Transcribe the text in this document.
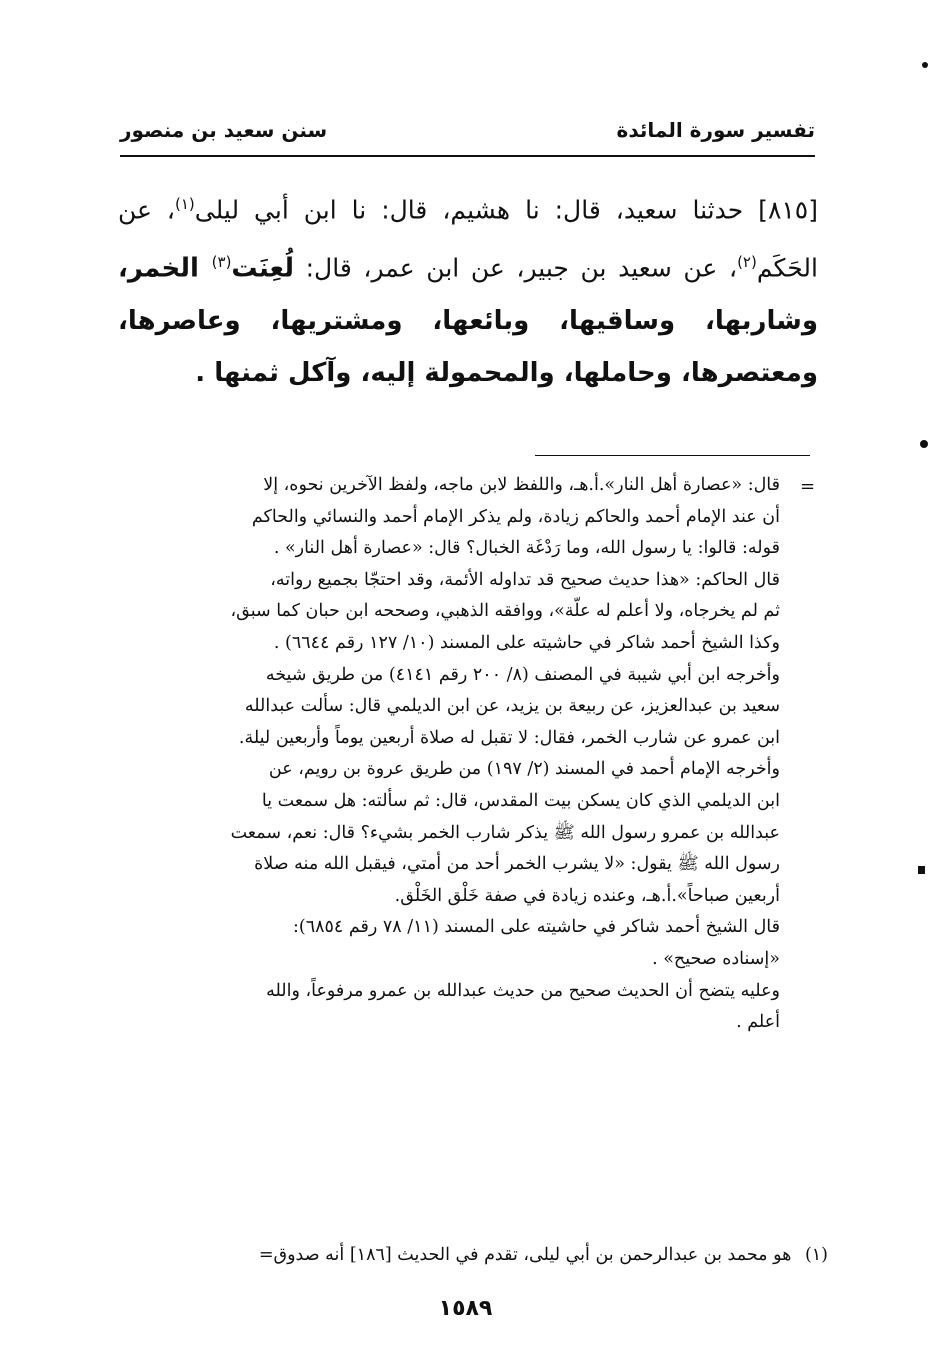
تفسير سورة المائدة
سنن سعيد بن منصور
[٨١٥] حدثنا سعيد، قال: نا هشيم، قال: نا ابن أبي ليلى$^{(١)}$، عن الحَكَم$^{(٢)}$، عن سعيد بن جبير، عن ابن عمر، قال: لُعِنَت$^{(٣)}$ الخمر، وشاربها، وساقيها، وبائعها، ومشتريها، وعاصرها، ومعتصرها، وحاملها، والمحمولة إليه، وآكل ثمنها .
=
قال: «عصارة أهل النار».أ.هـ، واللفظ لابن ماجه، ولفظ الآخرين نحوه، إلا
أن عند الإمام أحمد والحاكم زيادة، ولم يذكر الإمام أحمد والنسائي والحاكم
قوله: قالوا: يا رسول الله، وما رَدْغَة الخبال؟ قال: «عصارة أهل النار» .
قال الحاكم: «هذا حديث صحيح قد تداوله الأئمة، وقد احتجّا بجميع رواته،
ثم لم يخرجاه، ولا أعلم له علّة»، ووافقه الذهبي، وصححه ابن حبان كما سبق،
وكذا الشيخ أحمد شاكر في حاشيته على المسند (١٠/ ١٢٧ رقم ٦٦٤٤) .
وأخرجه ابن أبي شيبة في المصنف (٨/ ٢٠٠ رقم ٤١٤١) من طريق شيخه
سعيد بن عبدالعزيز، عن ربيعة بن يزيد، عن ابن الديلمي قال: سألت عبدالله
ابن عمرو عن شارب الخمر، فقال: لا تقبل له صلاة أربعين يوماً وأربعين ليلة.
وأخرجه الإمام أحمد في المسند (٢/ ١٩٧) من طريق عروة بن رويم، عن
ابن الديلمي الذي كان يسكن بيت المقدس، قال: ثم سألته: هل سمعت يا
عبدالله بن عمرو رسول الله ﷺ يذكر شارب الخمر بشيء؟ قال: نعم، سمعت
رسول الله ﷺ يقول: «لا يشرب الخمر أحد من أمتي، فيقبل الله منه صلاة
أربعين صباحاً».أ.هـ، وعنده زيادة في صفة خَلْق الخَلْق.
قال الشيخ أحمد شاكر في حاشيته على المسند (١١/ ٧٨ رقم ٦٨٥٤):
«إسناده صحيح» .
وعليه يتضح أن الحديث صحيح من حديث عبدالله بن عمرو مرفوعاً، والله
أعلم .
(١) هو محمد بن عبدالرحمن بن أبي ليلى، تقدم في الحديث [١٨٦] أنه صدوق=
١٥٨٩
